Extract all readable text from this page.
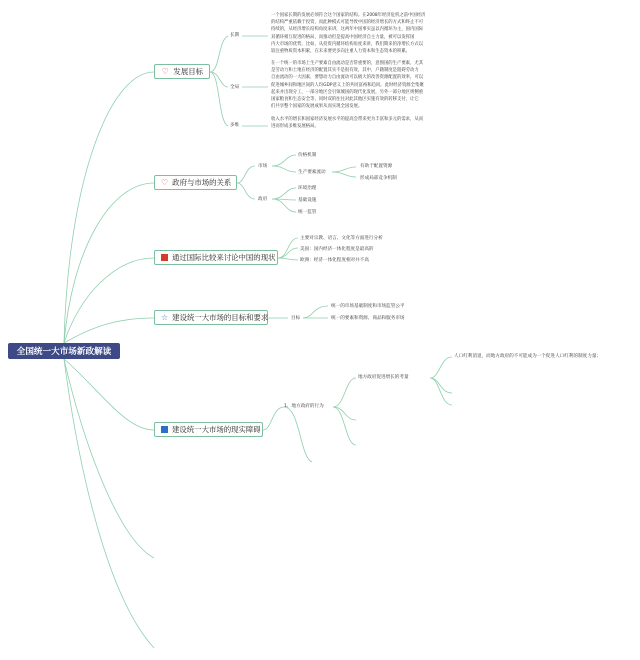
全国统一大市场新政解读
♡ 发展目标
长期
全局
多维
一个国家长期的发展必须符合这个国家的结构。在2008年经济危机之前中国经济
的结构严重依赖于投资，而此种模式可能导致中国的经济增长的方式和终止不可
持续的，从经济增长结构角度来讲，这两年中国事实虽以内循环为主，国内国际
双循环相互促进的格局，而推动但是提高中国经济自主力量，被可以发挥国
内大市场的优势，比如，从投资内循环结构角度来讲，我们期来的净增长方式以
较注重物质资本积累，在未来要更多向注重人力资本和生态资本的积累。
在一个统一的市场上生产要素自由流动是否常重要的，意图国的生产要素，尤其
是劳动力和土地在经济的配置其实不是很有效，其中，户籍制度是阻碍劳动力
自由流动的一大因素，要想动力自由流动可以极大的改善资源配置的效率，可以
促进城乡间和地区间的人均GDP意义上的共同富裕和趋同。此时经济资源全集聚
起来并出现分工，一部分地区会引领城国的现代化发展，另外一部分地区则侧重
国家粮食和生态安全等，同时双的往往对此其他区实施有效的转移支付，让它
们共享整个国家的发展成果从而实现全国发展。
收入水平的增长和国家经济发展水平的提高会带来更为丰富和多元的需求，从而
进而形成多维发展格局。
♡ 政府与市场的关系
市场
价格机制
生产要素流动
有助于配置资源
形成局部竞争机制
政府
环境治理
基础设施
统一监管
通过国际比较来讨论中国的现状
主要对宗教、语言、文化等方面进行分析
美国：国内经济一体化程度是最高的
欧洲：经济一体化程度相对并不高
☆ 建设统一大市场的目标和要求	目标
统一的市场基础制度和市场监管公平
统一的要素和资源、商品和服务市场
建设统一大市场的现实障碍
1、地方政府的行为
地方政府促进增长的考量
人口红利消退，而地方政府的不可能成为一个促进人口红利的制度力量；
